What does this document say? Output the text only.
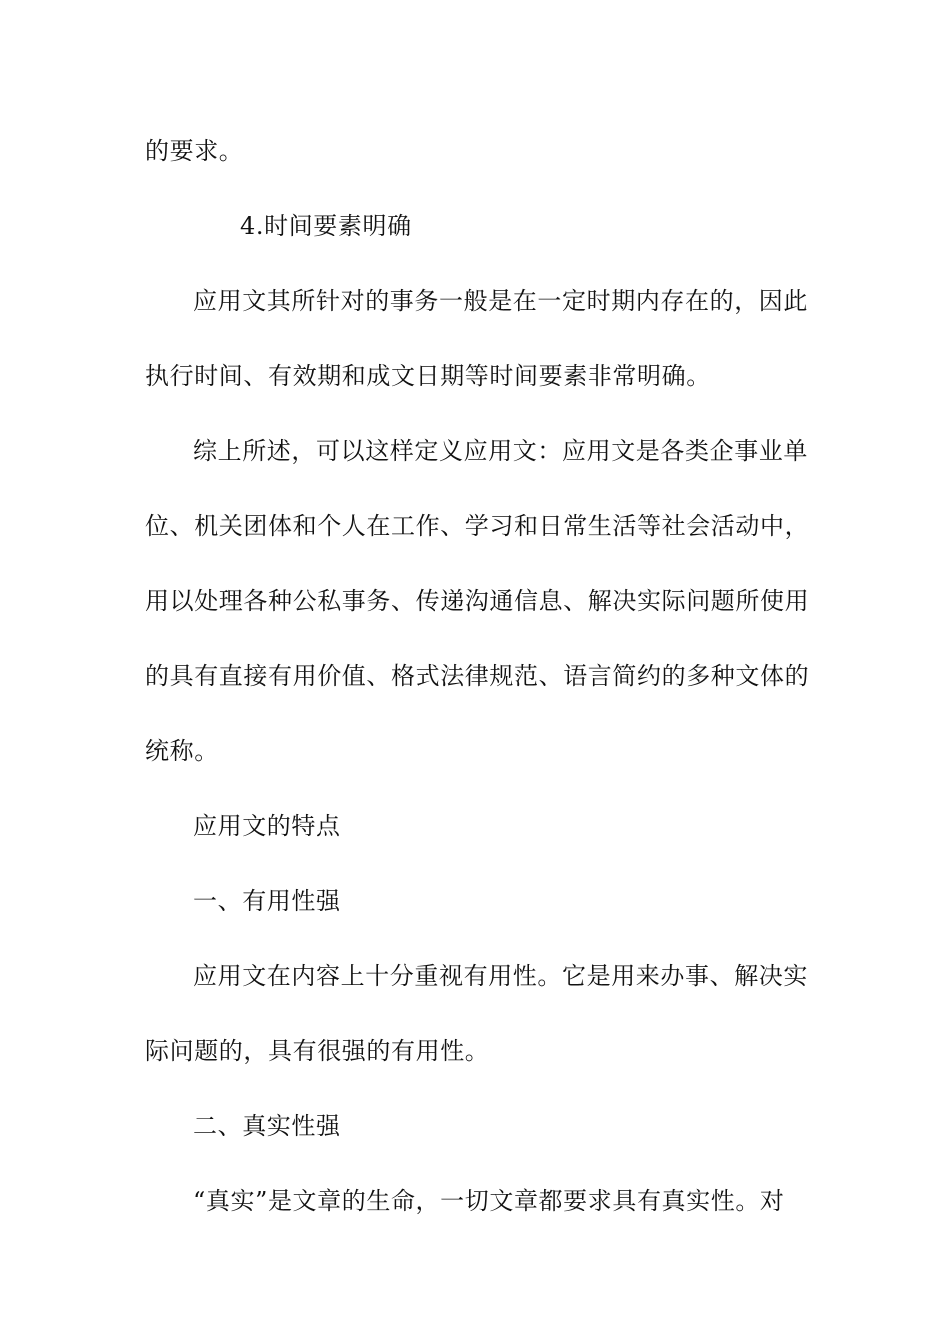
的要求。
4.时间要素明确
应用文其所针对的事务一般是在一定时期内存在的，因此
执行时间、有效期和成文日期等时间要素非常明确。
综上所述，可以这样定义应用文：应用文是各类企事业单
位、机关团体和个人在工作、学习和日常生活等社会活动中，
用以处理各种公私事务、传递沟通信息、解决实际问题所使用
的具有直接有用价值、格式法律规范、语言简约的多种文体的
统称。
应用文的特点
一、有用性强
应用文在内容上十分重视有用性。它是用来办事、解决实
际问题的，具有很强的有用性。
二、真实性强
“真实”是文章的生命，一切文章都要求具有真实性。对
